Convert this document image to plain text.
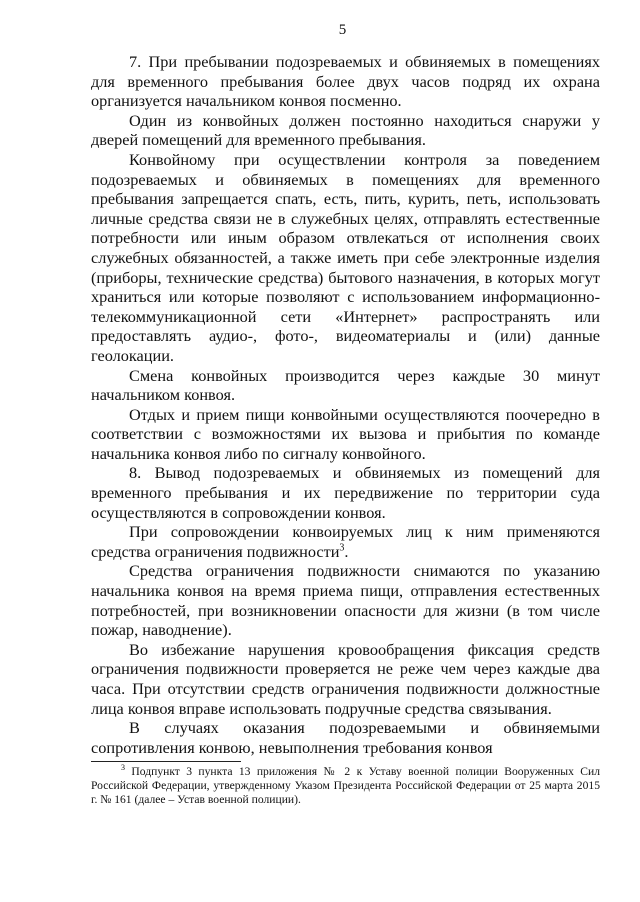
5

7. При пребывании подозреваемых и обвиняемых в помещениях для временного пребывания более двух часов подряд их охрана организуется начальником конвоя посменно.

Один из конвойных должен постоянно находиться снаружи у дверей помещений для временного пребывания.

Конвойному при осуществлении контроля за поведением подозреваемых и обвиняемых в помещениях для временного пребывания запрещается спать, есть, пить, курить, петь, использовать личные средства связи не в служебных целях, отправлять естественные потребности или иным образом отвлекаться от исполнения своих служебных обязанностей, а также иметь при себе электронные изделия (приборы, технические средства) бытового назначения, в которых могут храниться или которые позволяют с использованием информационно-телекоммуникационной сети «Интернет» распространять или предоставлять аудио-, фото-, видеоматериалы и (или) данные геолокации.

Смена конвойных производится через каждые 30 минут начальником конвоя.

Отдых и прием пищи конвойными осуществляются поочередно в соответствии с возможностями их вызова и прибытия по команде начальника конвоя либо по сигналу конвойного.

8. Вывод подозреваемых и обвиняемых из помещений для временного пребывания и их передвижение по территории суда осуществляются в сопровождении конвоя.

При сопровождении конвоируемых лиц к ним применяются средства ограничения подвижности$^3$.

Средства ограничения подвижности снимаются по указанию начальника конвоя на время приема пищи, отправления естественных потребностей, при возникновении опасности для жизни (в том числе пожар, наводнение).

Во избежание нарушения кровообращения фиксация средств ограничения подвижности проверяется не реже чем через каждые два часа. При отсутствии средств ограничения подвижности должностные лица конвоя вправе использовать подручные средства связывания.

В случаях оказания подозреваемыми и обвиняемыми сопротивления конвою, невыполнения требования конвоя

$^3$ Подпункт 3 пункта 13 приложения № 2 к Уставу военной полиции Вооруженных Сил Российской Федерации, утвержденному Указом Президента Российской Федерации от 25 марта 2015 г. № 161 (далее – Устав военной полиции).
